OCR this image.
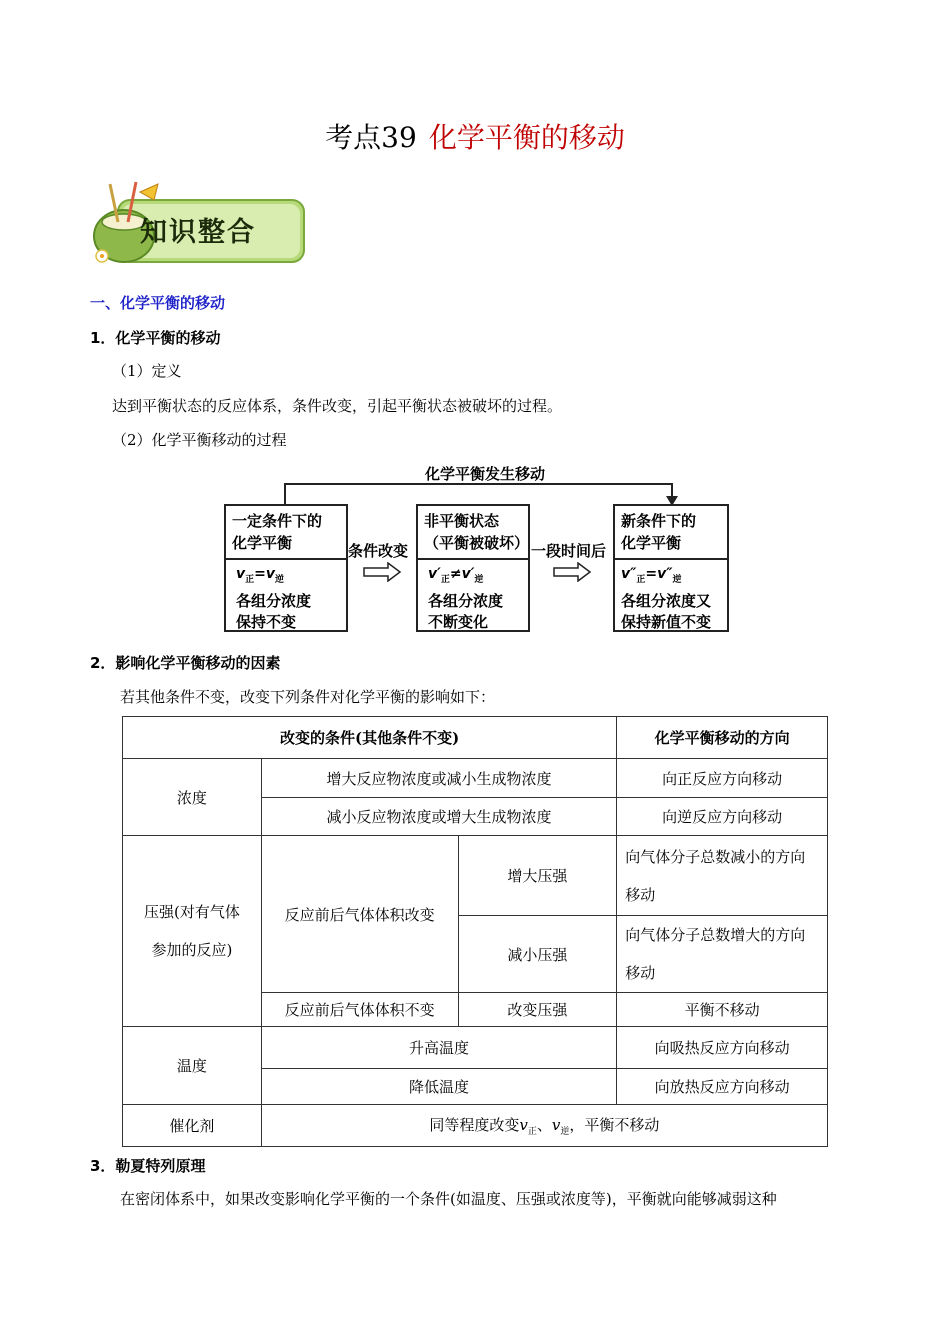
考点39 化学平衡的移动
知识整合
一、化学平衡的移动
1．化学平衡的移动
（1）定义
达到平衡状态的反应体系，条件改变，引起平衡状态被破坏的过程。
（2）化学平衡移动的过程
化学平衡发生移动
一定条件下的
化学平衡
$v_正=v_逆$
各组分浓度
保持不变
条件改变
非平衡状态
（平衡被破坏）
$v'_正\ne v'_逆$
各组分浓度
不断变化
一段时间后
新条件下的
化学平衡
$v''_正=v''_逆$
各组分浓度又
保持新值不变
2．影响化学平衡移动的因素
若其他条件不变，改变下列条件对化学平衡的影响如下：
改变的条件(其他条件不变)			化学平衡移动的方向
浓度	增大反应物浓度或减小生成物浓度		向正反应方向移动
	减小反应物浓度或增大生成物浓度		向逆反应方向移动

压强(对有气体
参加的反应)	反应前后气体体积改变	增大压强	向气体分子总数减小的方向移动
		减小压强	向气体分子总数增大的方向移动
	反应前后气体体积不变	改变压强	平衡不移动
温度	升高温度		向吸热反应方向移动
	降低温度		向放热反应方向移动
催化剂	同等程度改变$v_正$、$v_逆$，平衡不移动		
3．勒夏特列原理
在密闭体系中，如果改变影响化学平衡的一个条件(如温度、压强或浓度等)，平衡就向能够减弱这种
